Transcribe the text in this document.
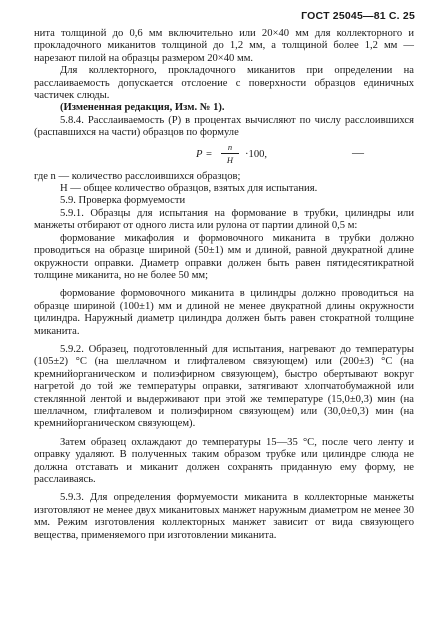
ГОСТ 25045—81 С. 25

нита толщиной до 0,6 мм включительно или 20×40 мм для коллекторного и прокладочного миканитов толщиной до 1,2 мм, а толщиной более 1,2 мм — нарезают пилой на образцы размером 20×40 мм.

Для коллекторного, прокладочного миканитов при определении на расслаиваемость допускается отслоение с поверхности образцов единичных частичек слюды.

(Измененная редакция, Изм. № 1).

5.8.4. Расслаиваемость (P) в процентах вычисляют по числу расслоившихся (распавшихся на части) образцов по формуле

P =
n
H	·100,	—

где n — количество расслоившихся образцов;

H — общее количество образцов, взятых для испытания.

5.9. Проверка формуемости

5.9.1. Образцы для испытания на формование в трубки, цилиндры или манжеты отбирают от одного листа или рулона от партии длиной 0,5 м:

формование микафолия и формовочного миканита в трубки должно проводиться на образце шириной (50±1) мм и длиной, равной двукратной длине окружности оправки. Диаметр оправки должен быть равен пятидесятикратной толщине миканита, но не более 50 мм;

формование формовочного миканита в цилиндры должно проводиться на образце шириной (100±1) мм и длиной не менее двукратной длины окружности цилиндра. Наружный диаметр цилиндра должен быть равен стократной толщине миканита.

5.9.2. Образец, подготовленный для испытания, нагревают до температуры (105±2) °С (на шеллачном и глифталевом связующем) или (200±3) °С (на кремнийорганическом и полиэфирном связующем), быстро обертывают вокруг нагретой до той же температуры оправки, затягивают хлопчатобумажной или стеклянной лентой и выдерживают при этой же температуре (15,0±0,3) мин (на шеллачном, глифталевом и полиэфирном связующем) или (30,0±0,3) мин (на кремнийорганическом связующем).

Затем образец охлаждают до температуры 15—35 °С, после чего ленту и оправку удаляют. В полученных таким образом трубке или цилиндре слюда не должна отставать и миканит должен сохранять приданную ему форму, не расслаиваясь.

5.9.3. Для определения формуемости миканита в коллекторные манжеты изготовляют не менее двух миканитовых манжет наружным диаметром не менее 30 мм. Режим изготовления коллекторных манжет зависит от вида связующего вещества, применяемого при изготовлении миканита.
